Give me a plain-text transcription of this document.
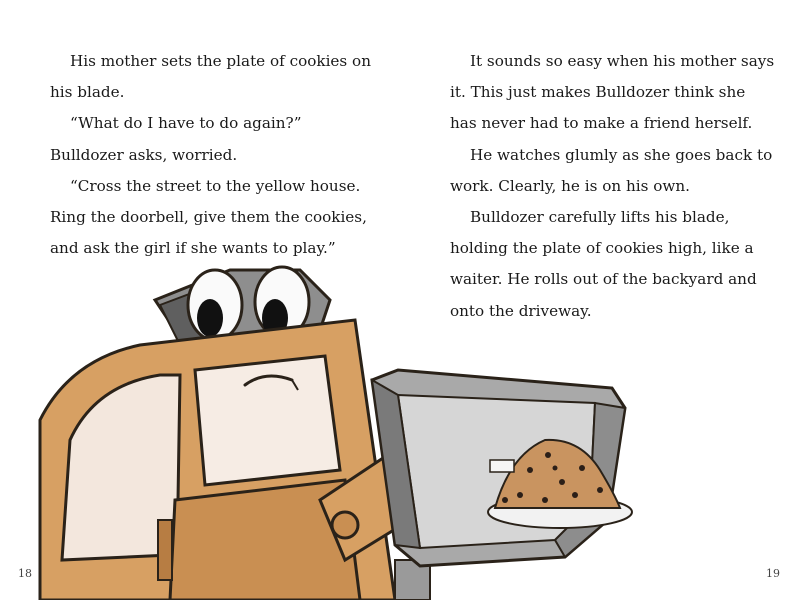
His mother sets the plate of cookies on
his blade.

“What do I have to do again?”
Bulldozer asks, worried.

“Cross the street to the yellow house.
Ring the doorbell, give them the cookies,
and ask the girl if she wants to play.”

18

It sounds so easy when his mother says
it. This just makes Bulldozer think she
has never had to make a friend herself.

He watches glumly as she goes back to
work. Clearly, he is on his own.

Bulldozer carefully lifts his blade,
holding the plate of cookies high, like a
waiter. He rolls out of the backyard and
onto the driveway.

19
